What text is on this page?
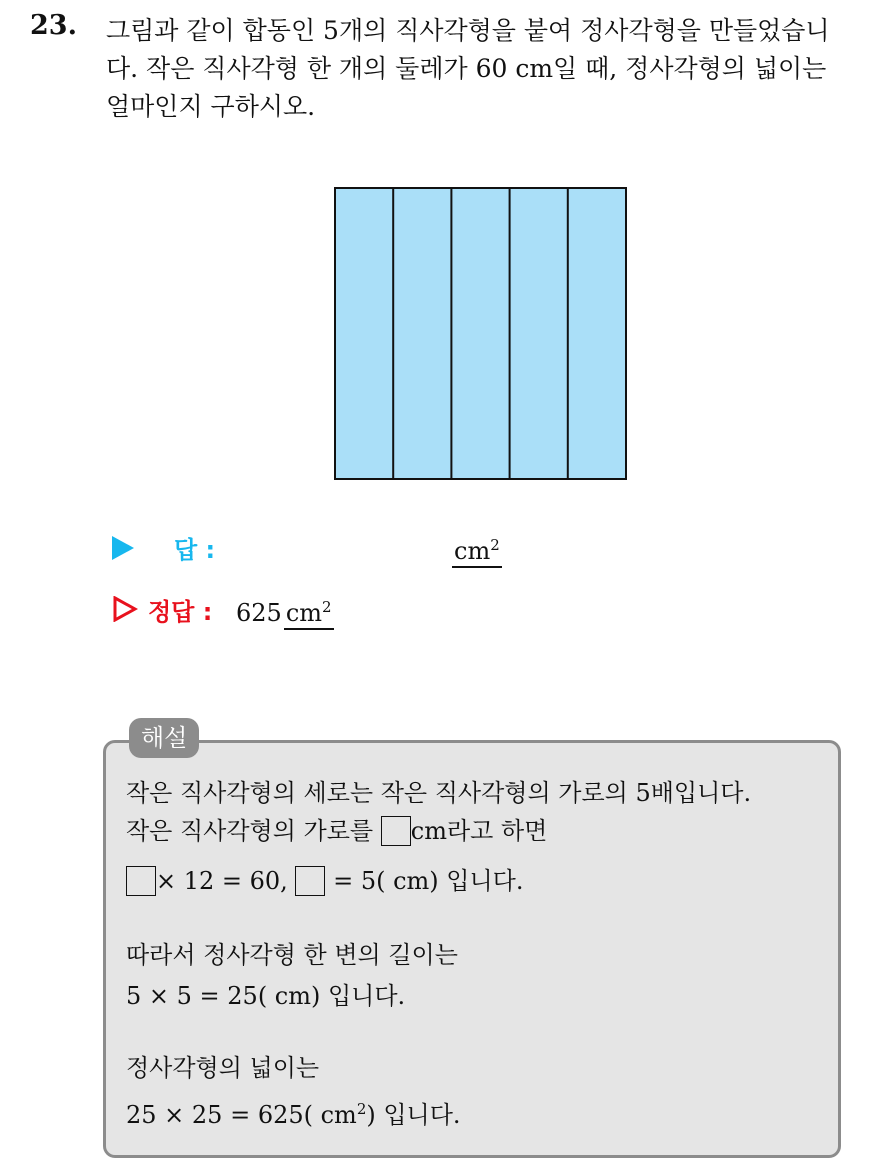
23. 그림과 같이 합동인 5개의 직사각형을 붙여 정사각형을 만들었습니
다. 작은 직사각형 한 개의 둘레가 60 cm일 때, 정사각형의 넓이는
얼마인지 구하시오.
답 :	$cm^2$
정답 : 625 $cm^2$
해설
작은 직사각형의 세로는 작은 직사각형의 가로의 5배입니다.
작은 직사각형의 가로를 cm라고 하면
× 12 = 60, = 5( cm) 입니다.
따라서 정사각형 한 변의 길이는
5 × 5 = 25( cm) 입니다.
정사각형의 넓이는
25 × 25 = 625( $cm^2$) 입니다.
